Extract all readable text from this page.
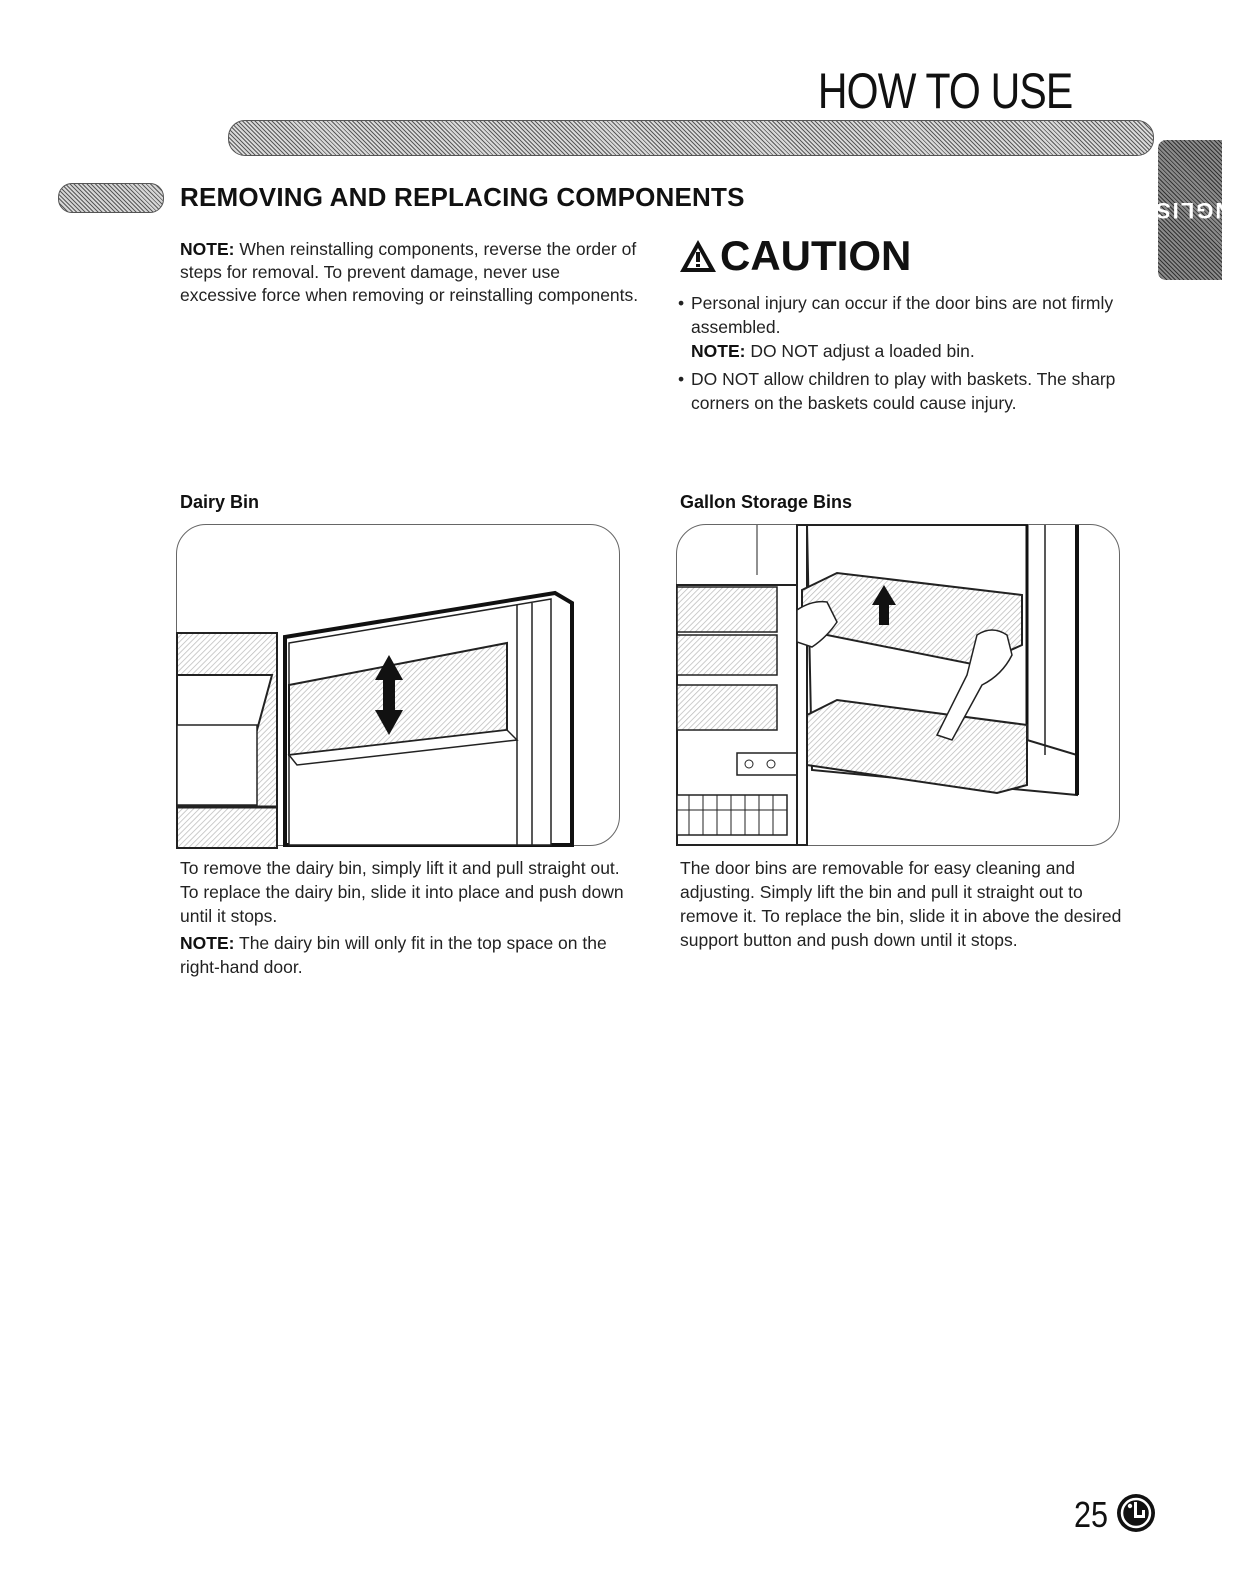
HOW TO USE
ENGLISH
REMOVING AND REPLACING COMPONENTS
NOTE: When reinstalling components, reverse the order of steps for removal. To prevent damage, never use excessive force when removing or reinstalling components.
CAUTION
• Personal injury can occur if the door bins are not firmly assembled.
NOTE: DO NOT adjust a loaded bin.
• DO NOT allow children to play with baskets. The sharp corners on the baskets could cause injury.
Dairy Bin

To remove the dairy bin, simply lift it and pull straight out. To replace the dairy bin, slide it into place and push down until it stops.

NOTE: The dairy bin will only fit in the top space on the right-hand door.

Gallon Storage Bins

The door bins are removable for easy cleaning and adjusting. Simply lift the bin and pull it straight out to remove it. To replace the bin, slide it in above the desired support button and push down until it stops.

25
